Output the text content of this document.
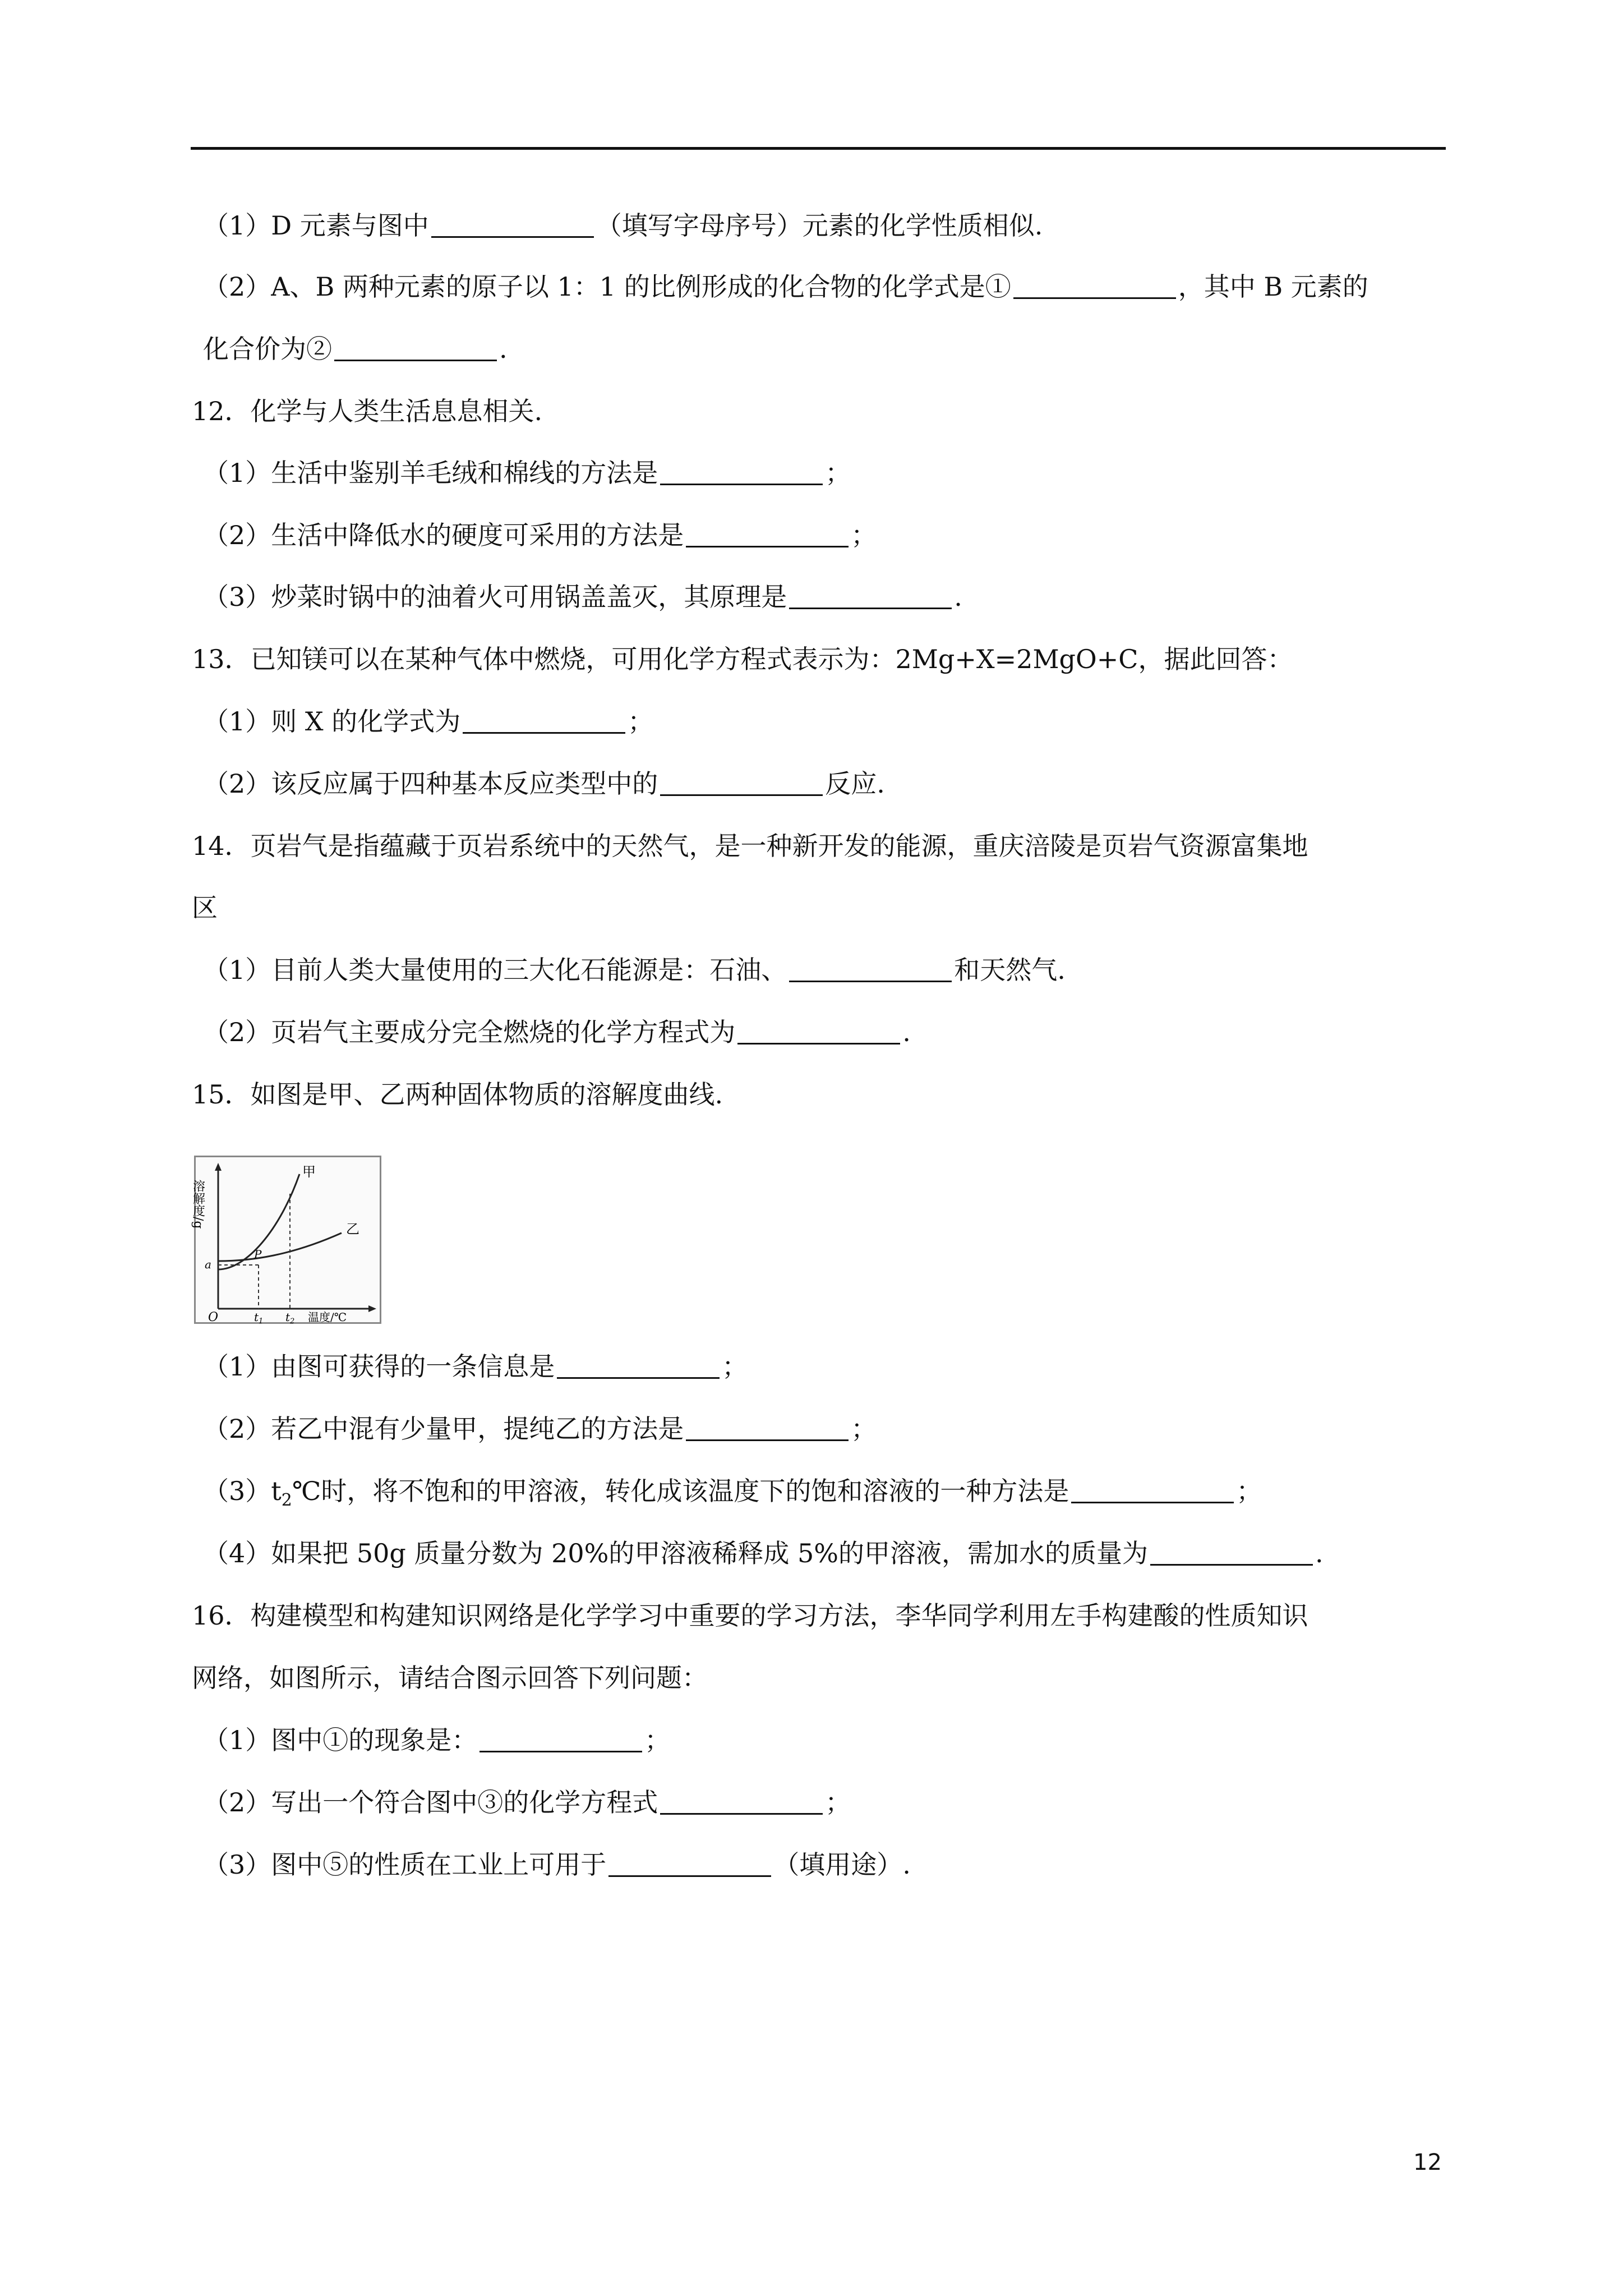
（1）D 元素与图中	（填写字母序号）元素的化学性质相似.
（2）A、B 两种元素的原子以 1：1 的比例形成的化合物的化学式是①	，其中 B 元素的
化合价为②	.
12．化学与人类生活息息相关.
（1）生活中鉴别羊毛绒和棉线的方法是	；
（2）生活中降低水的硬度可采用的方法是	；
（3）炒菜时锅中的油着火可用锅盖盖灭，其原理是	.
13．已知镁可以在某种气体中燃烧，可用化学方程式表示为：2Mg+X=2MgO+C，据此回答：
（1）则 X 的化学式为	；
（2）该反应属于四种基本反应类型中的	反应.
14．页岩气是指蕴藏于页岩系统中的天然气，是一种新开发的能源，重庆涪陵是页岩气资源富集地
区
（1）目前人类大量使用的三大化石能源是：石油、	和天然气.
（2）页岩气主要成分完全燃烧的化学方程式为	.
15．如图是甲、乙两种固体物质的溶解度曲线.
溶解度/g
a
P
O	$t_1$ $t_2$ 温度/℃
甲
乙
（1）由图可获得的一条信息是	；
（2）若乙中混有少量甲，提纯乙的方法是	；
$(3)t_2℃$时，将不饱和的甲溶液，转化成该温度下的饱和溶液的一种方法是	；
（4）如果把 50g 质量分数为 20%的甲溶液稀释成 5%的甲溶液，需加水的质量为	.
16．构建模型和构建知识网络是化学学习中重要的学习方法，李华同学利用左手构建酸的性质知识
网络，如图所示，请结合图示回答下列问题：
（1）图中①的现象是：	；
（2）写出一个符合图中③的化学方程式	；
（3）图中⑤的性质在工业上可用于	（填用途）.
12
